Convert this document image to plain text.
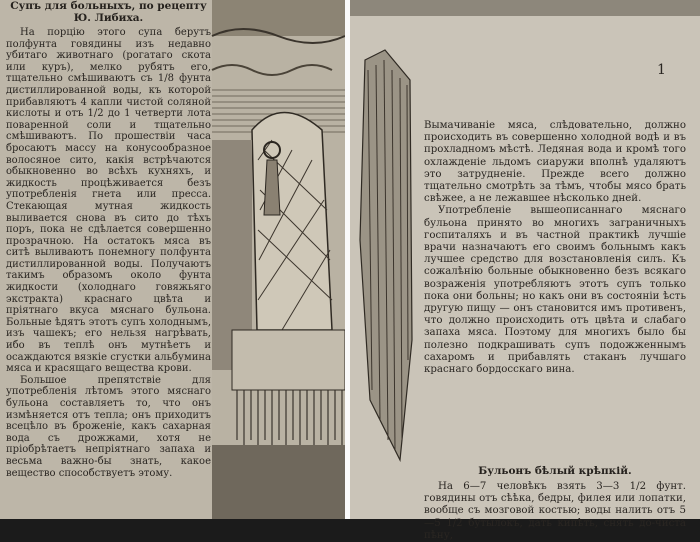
Супъ для больныхъ, по рецепту Ю. Либиха.

На порцію этого супа берутъ полфунта говядины изъ недавно убитаго животнаго (рогатаго скота или куръ), мелко рубятъ его, тщательно смѣшиваютъ съ 1/8 фунта дистиллированной воды, къ которой прибавляютъ 4 капли чистой соляной кислоты и отъ 1/2 до 1 четверти лота поваренной соли и тщательно смѣшиваютъ. По прошествіи часа бросаютъ массу на конусообразное волосяное сито, какія встрѣчаются обыкновенно во всѣхъ кухняхъ, и жидкость процѣживается безъ употребленія гнета или пресса. Стекающая мутная жидкость выливается снова въ сито до тѣхъ поръ, пока не сдѣлается совершенно прозрачною. На остатокъ мяса въ ситѣ выливаютъ понемногу полфунта дистиллированной воды. Получаютъ такимъ образомъ около фунта жидкости (холоднаго говяжьяго экстракта) краснаго цвѣта и пріятнаго вкуса мяснаго бульона. Больные ѣдятъ этотъ супъ холоднымъ, изъ чашекъ; его нельзя нагрѣвать, ибо въ теплѣ онъ мутнѣетъ и осаждаются вязкіе сгустки альбумина мяса и красящаго вещества крови.

Большое препятствіе для употребленія лѣтомъ этого мяснаго бульона составляетъ то, что онъ измѣняется отъ тепла; онъ приходитъ всецѣло въ броженіе, какъ сахарная вода съ дрожжами, хотя не пріобрѣтаетъ непріятнаго запаха и весьма важно-бы знать, какое вещество способствуетъ этому.

1

Вымачиваніе мяса, слѣдовательно, должно происходить въ совершенно холодной водѣ и въ прохладномъ мѣстѣ. Ледяная вода и кромѣ того охлажденіе льдомъ сиаружи вполнѣ удаляютъ это затрудненіе. Прежде всего должно тщательно смотрѣть за тѣмъ, чтобы мясо брать свѣжее, а не лежавшее нѣсколько дней.

Употребленіе вышеописаннаго мяснаго бульона принято во многихъ заграничныхъ госпиталяхъ и въ частной практикѣ лучшіе врачи назначаютъ его своимъ больнымъ какъ лучшее средство для возстановленія силъ. Къ сожалѣнію больные обыкновенно безъ всякаго возраженія употребляютъ этотъ супъ только пока они больны; но какъ они въ состояніи ѣсть другую пищу — онъ становится имъ противенъ, что должно происходить отъ цвѣта и слабаго запаха мяса. Поэтому для многихъ было бы полезно подкрашивать супъ подожженнымъ сахаромъ и прибавлять стаканъ лучшаго краснаго бордосскаго вина.

Бульонъ бѣлый крѣпкій.

На 6—7 человѣкъ взять 3—3 1/2 фунт. говядины отъ сѣѣка, бедры, филея или лопатки, вообще съ мозговой костью; воды налить отъ 5—5 1/2 бутылокъ, дать кипѣть, снять до-чиста пѣну,
